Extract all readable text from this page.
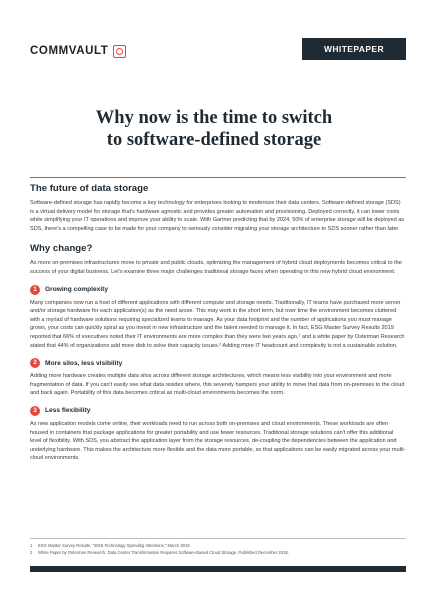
COMMVAULT	WHITEPAPER
Why now is the time to switch
to software-defined storage
The future of data storage

Software-defined storage has rapidly become a key technology for enterprises looking to modernize their data centers. Software-defined storage (SDS) is a virtual delivery model for storage that's hardware agnostic and provides greater automation and provisioning. Deployed correctly, it can lower costs while simplifying your IT operations and improve your ability to scale. With Gartner predicting that by 2024, 50% of enterprise storage will be deployed as SDS, there's a compelling case to be made for your company to seriously consider migrating your storage architecture to SDS sooner rather than later.

Why change?

As more on-premises infrastructures move to private and public clouds, optimizing the management of hybrid cloud deployments becomes critical to the success of your digital business. Let's examine three major challenges traditional storage faces when operating in this new hybrid cloud environment.

1	Growing complexity

Many companies now run a host of different applications with different compute and storage needs. Traditionally, IT teams have purchased more server and/or storage hardware for each application(s) as the need arose. This may work in the short term, but over time the environment becomes cluttered with a myriad of hardware solutions requiring specialized teams to manage. As your data footprint and the number of applications you must manage grows, your costs can quickly spiral as you invest in new infrastructure and the talent needed to manage it. In fact, ESG Master Survey Results 2019 reported that 66% of executives noted their IT environments are more complex than they were two years ago,¹ and a white paper by Osterman Research stated that 44% of organizations add more disk to solve their capacity issues.² Adding more IT headcount and complexity is not a sustainable solution.

2	More silos, less visibility

Adding more hardware creates multiple data silos across different storage architectures, which means less visibility into your environment and more fragmentation of data. If you can't easily see what data resides where, this severely hampers your ability to move that data from on-premises to the cloud and back again. Portability of this data becomes critical as multi-cloud environments becomes the norm.

3	Less flexibility

As new application models come online, their workloads need to run across both on-premises and cloud environments. These workloads are often housed in containers that package applications for greater portability and use fewer resources. Traditional storage solutions can't offer this additional level of flexibility. With SDS, you abstract the application layer from the storage resources, de-coupling the dependencies between the application and underlying hardware. This makes the architecture more flexible and the data more portable, so that applications can be easily migrated across your multi-cloud environments.

1 ESG Master Survey Results, "2019 Technology Spending Intentions," March 2019.

2 White Paper by Osterman Research, Data Center Transformation Requires Software-Based Cloud Storage. Published December 2018.
